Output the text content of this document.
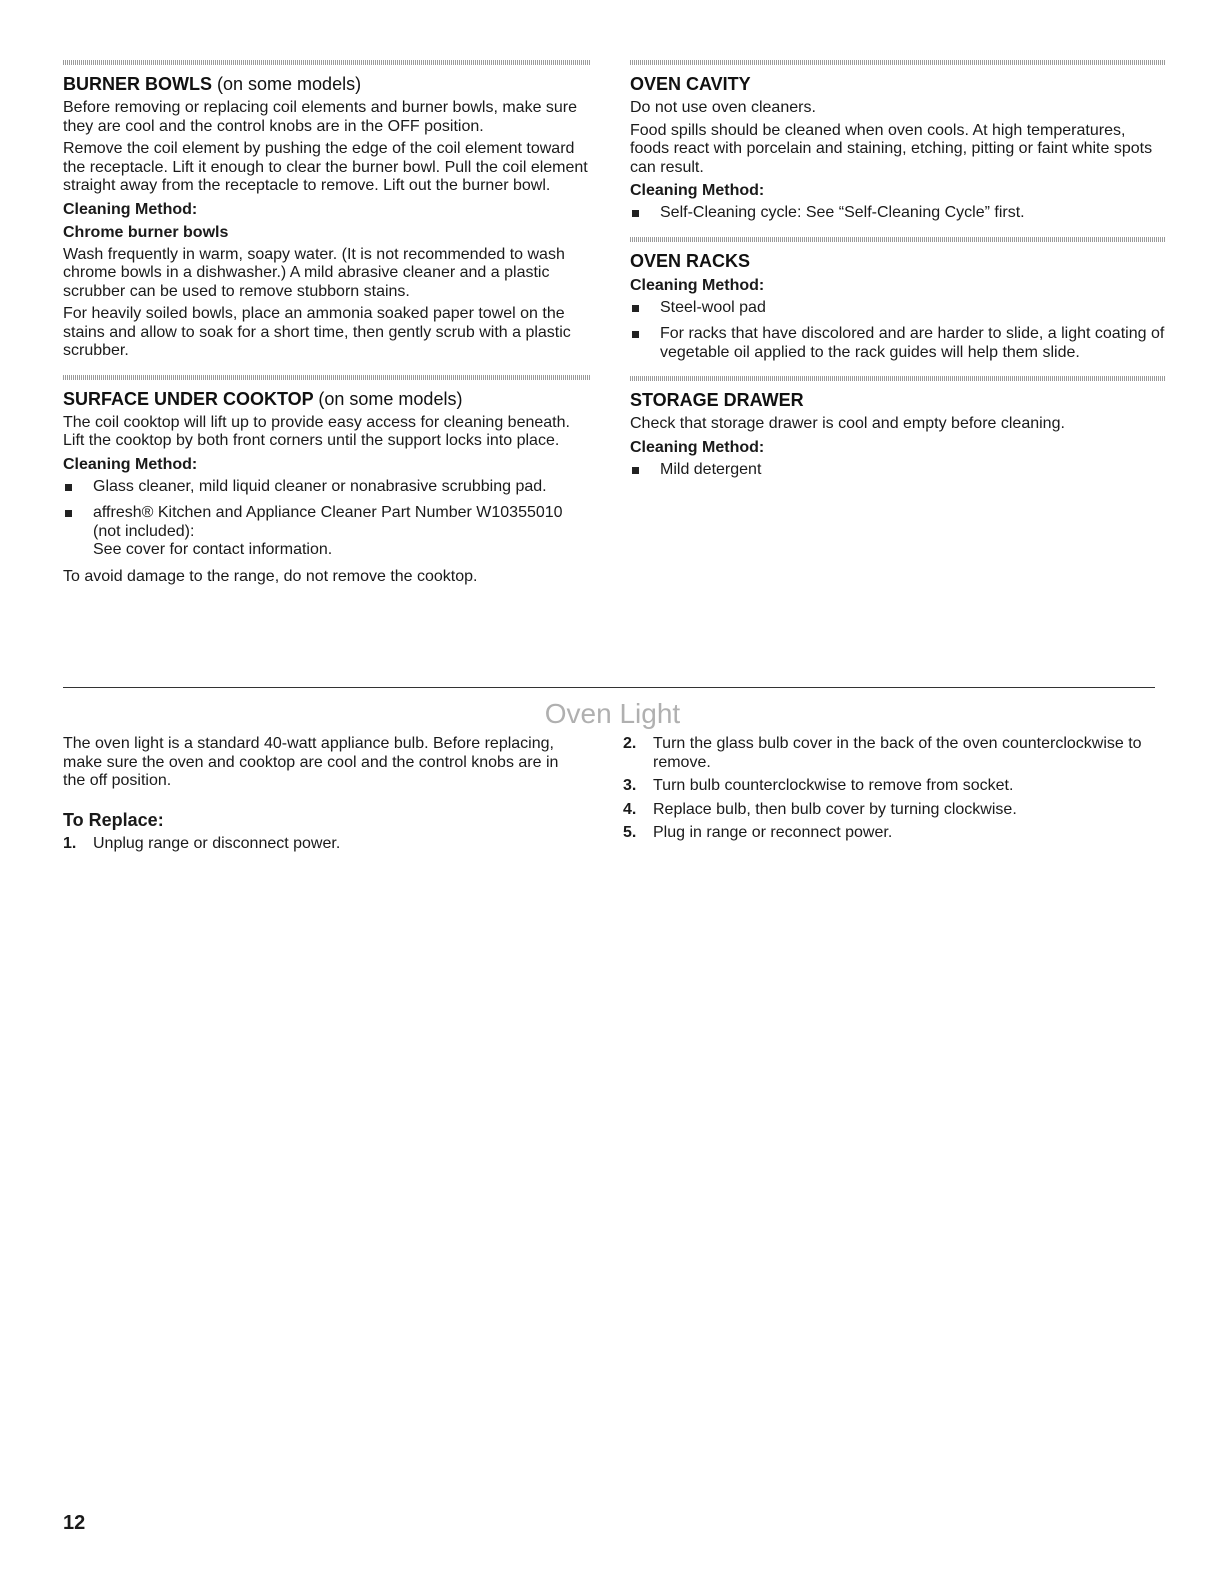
BURNER BOWLS (on some models)

Before removing or replacing coil elements and burner bowls, make sure they are cool and the control knobs are in the OFF position.

Remove the coil element by pushing the edge of the coil element toward the receptacle. Lift it enough to clear the burner bowl. Pull the coil element straight away from the receptacle to remove. Lift out the burner bowl.

Cleaning Method:
Chrome burner bowls

Wash frequently in warm, soapy water. (It is not recommended to wash chrome bowls in a dishwasher.) A mild abrasive cleaner and a plastic scrubber can be used to remove stubborn stains.

For heavily soiled bowls, place an ammonia soaked paper towel on the stains and allow to soak for a short time, then gently scrub with a plastic scrubber.

SURFACE UNDER COOKTOP (on some models)

The coil cooktop will lift up to provide easy access for cleaning beneath. Lift the cooktop by both front corners until the support locks into place.

Cleaning Method:
Glass cleaner, mild liquid cleaner or nonabrasive scrubbing pad.
affresh® Kitchen and Appliance Cleaner Part Number W10355010 (not included):
See cover for contact information.

To avoid damage to the range, do not remove the cooktop.

OVEN CAVITY

Do not use oven cleaners.

Food spills should be cleaned when oven cools. At high temperatures, foods react with porcelain and staining, etching, pitting or faint white spots can result.

Cleaning Method:
Self-Cleaning cycle: See “Self-Cleaning Cycle” first.
OVEN RACKS
Cleaning Method:
Steel-wool pad
For racks that have discolored and are harder to slide, a light coating of vegetable oil applied to the rack guides will help them slide.
STORAGE DRAWER

Check that storage drawer is cool and empty before cleaning.

Cleaning Method:
Mild detergent
Oven Light

The oven light is a standard 40-watt appliance bulb. Before replacing, make sure the oven and cooktop are cool and the control knobs are in the off position.

To Replace:
1. Unplug range or disconnect power.
2. Turn the glass bulb cover in the back of the oven counterclockwise to remove.
3. Turn bulb counterclockwise to remove from socket.
4. Replace bulb, then bulb cover by turning clockwise.
5. Plug in range or reconnect power.
12
